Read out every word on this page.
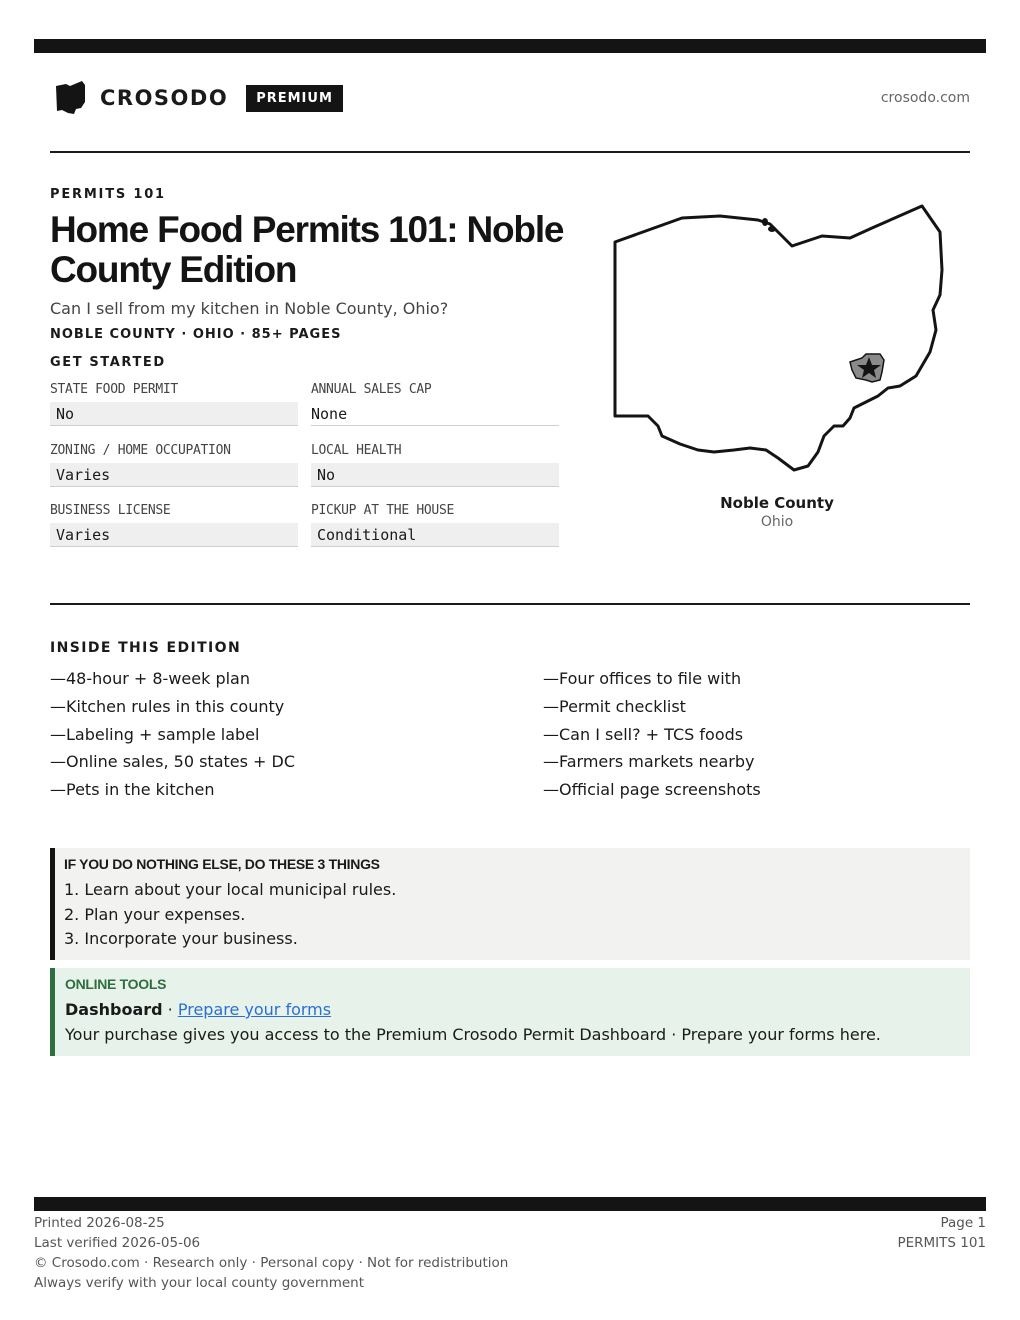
CROSODO	PREMIUM	crosodo.com
PERMITS 101
Home Food Permits 101: Noble County Edition
Can I sell from my kitchen in Noble County, Ohio?
NOBLE COUNTY · OHIO · 85+ PAGES
GET STARTED
STATE FOOD PERMIT
No
ANNUAL SALES CAP
None
ZONING / HOME OCCUPATION
Varies
LOCAL HEALTH
No
BUSINESS LICENSE
Varies
PICKUP AT THE HOUSE
Conditional
Noble County
Ohio
INSIDE THIS EDITION
—48-hour + 8-week plan
—Kitchen rules in this county
—Labeling + sample label
—Online sales, 50 states + DC
—Pets in the kitchen
—Four offices to file with
—Permit checklist
—Can I sell? + TCS foods
—Farmers markets nearby
—Official page screenshots
IF YOU DO NOTHING ELSE, DO THESE 3 THINGS
1. Learn about your local municipal rules.
2. Plan your expenses.
3. Incorporate your business.
ONLINE TOOLS
Dashboard · Prepare your forms
Your purchase gives you access to the Premium Crosodo Permit Dashboard · Prepare your forms here.
Printed 2026-08-25
Last verified 2026-05-06
© Crosodo.com · Research only · Personal copy · Not for redistribution
Always verify with your local county government
Page 1
PERMITS 101
